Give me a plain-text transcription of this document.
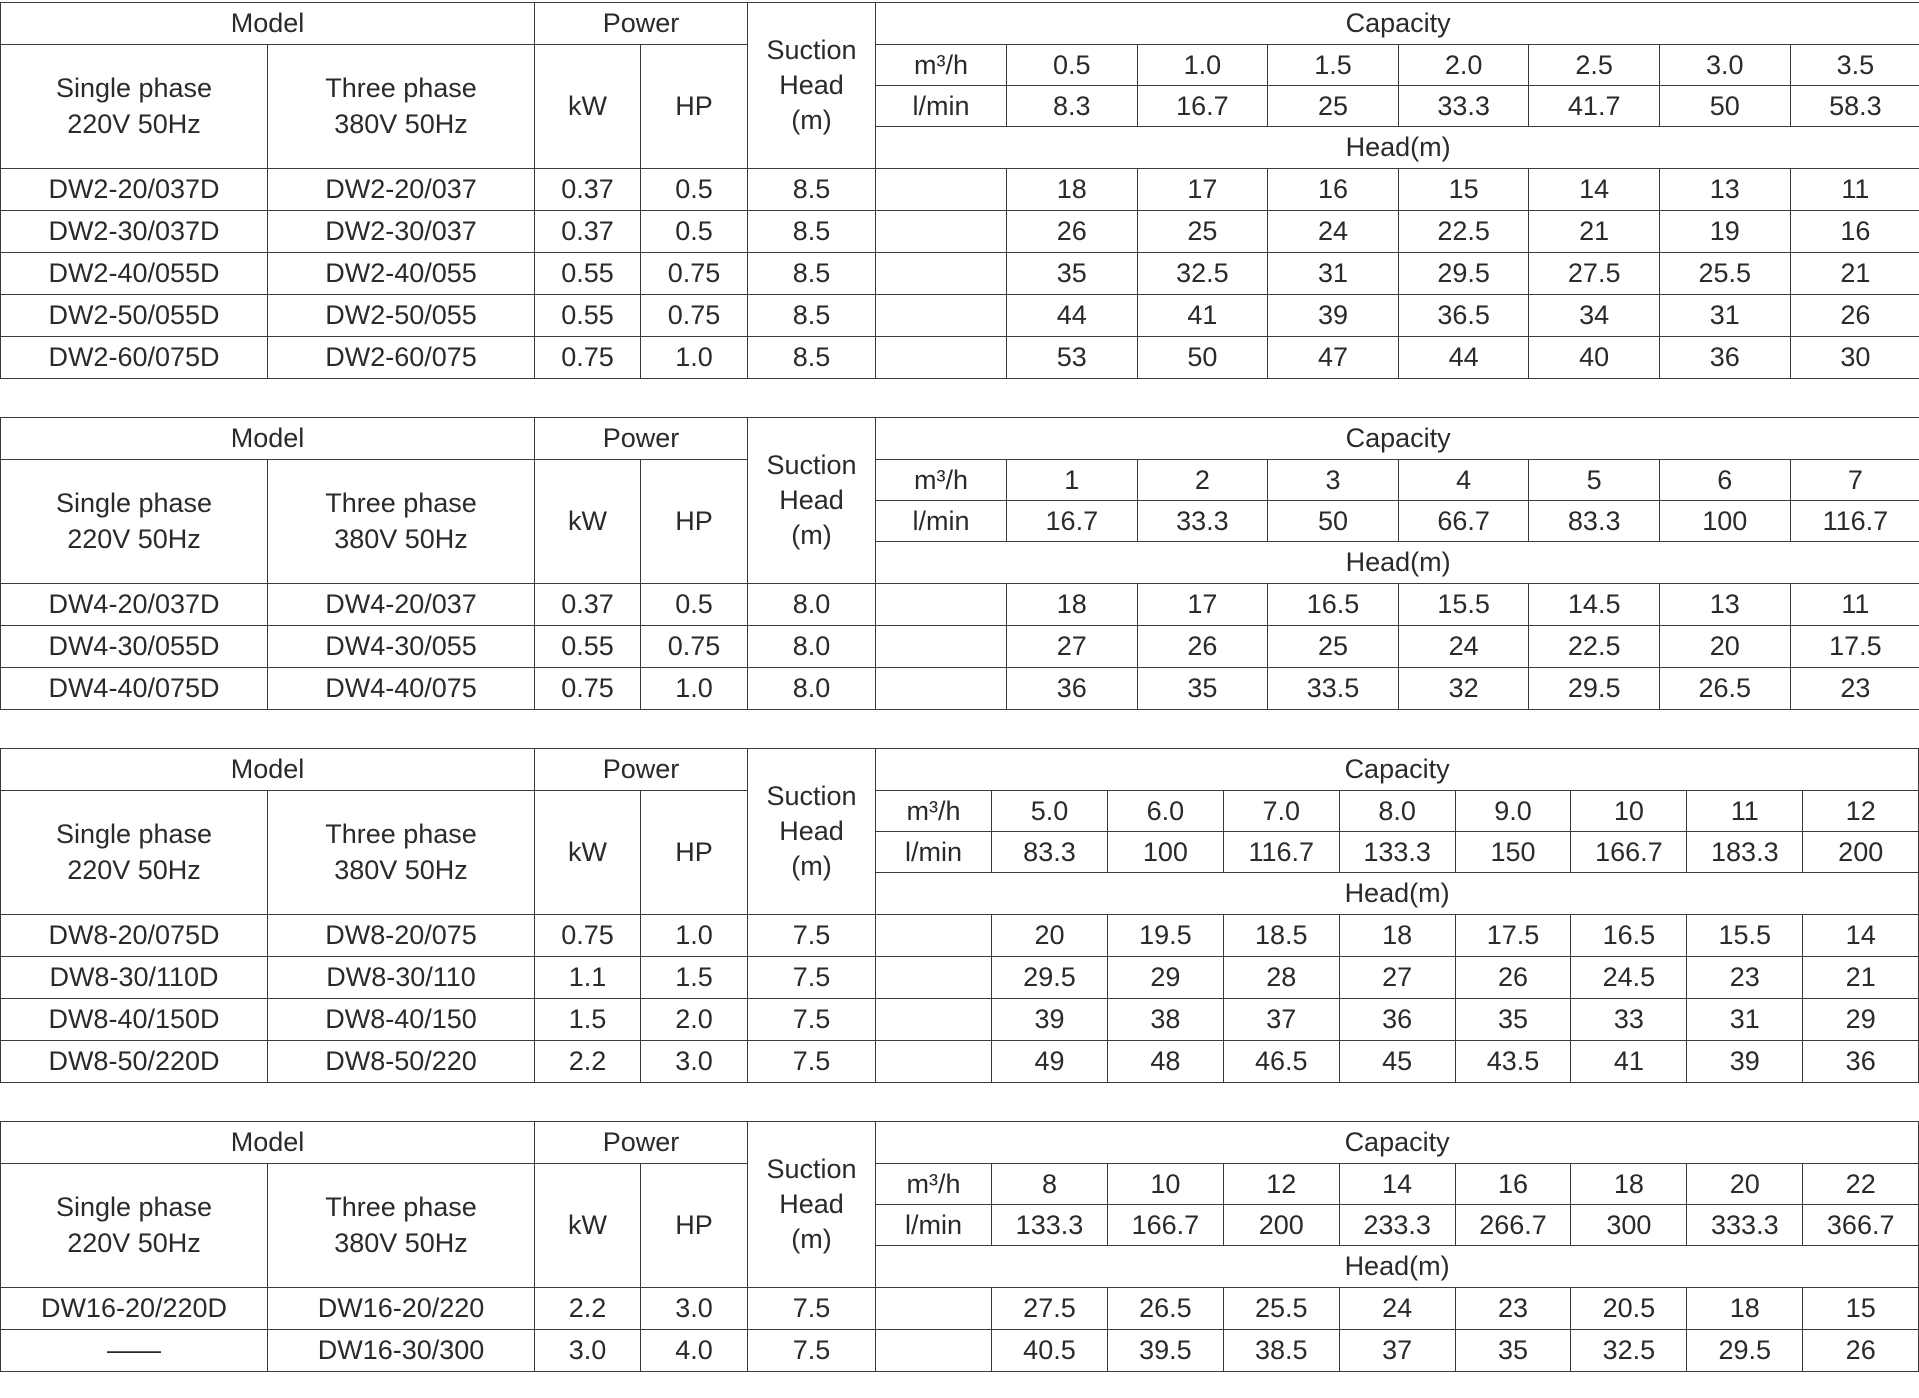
Model		Power		Suction
Head
(m)	Capacity							
Single phase
220V 50Hz	Three phase
380V 50Hz	kW	HP		m³/h	0.5	1.0	1.5	2.0	2.5	3.0	3.5
					l/min	8.3	16.7	25	33.3	41.7	50	58.3
					Head(m)							
DW2-20/037D	DW2-20/037	0.37	0.5	8.5		18	17	16	15	14	13	11
DW2-30/037D	DW2-30/037	0.37	0.5	8.5		26	25	24	22.5	21	19	16
DW2-40/055D	DW2-40/055	0.55	0.75	8.5		35	32.5	31	29.5	27.5	25.5	21
DW2-50/055D	DW2-50/055	0.55	0.75	8.5		44	41	39	36.5	34	31	26
DW2-60/075D	DW2-60/075	0.75	1.0	8.5		53	50	47	44	40	36	30
Model		Power		Suction
Head
(m)	Capacity							
Single phase
220V 50Hz	Three phase
380V 50Hz	kW	HP		m³/h	1	2	3	4	5	6	7
					l/min	16.7	33.3	50	66.7	83.3	100	116.7
					Head(m)							
DW4-20/037D	DW4-20/037	0.37	0.5	8.0		18	17	16.5	15.5	14.5	13	11
DW4-30/055D	DW4-30/055	0.55	0.75	8.0		27	26	25	24	22.5	20	17.5
DW4-40/075D	DW4-40/075	0.75	1.0	8.0		36	35	33.5	32	29.5	26.5	23
Model		Power		Suction
Head
(m)	Capacity								
Single phase
220V 50Hz	Three phase
380V 50Hz	kW	HP		m³/h	5.0	6.0	7.0	8.0	9.0	10	11	12
					l/min	83.3	100	116.7	133.3	150	166.7	183.3	200
					Head(m)								
DW8-20/075D	DW8-20/075	0.75	1.0	7.5		20	19.5	18.5	18	17.5	16.5	15.5	14
DW8-30/110D	DW8-30/110	1.1	1.5	7.5		29.5	29	28	27	26	24.5	23	21
DW8-40/150D	DW8-40/150	1.5	2.0	7.5		39	38	37	36	35	33	31	29
DW8-50/220D	DW8-50/220	2.2	3.0	7.5		49	48	46.5	45	43.5	41	39	36
Model		Power		Suction
Head
(m)	Capacity								
Single phase
220V 50Hz	Three phase
380V 50Hz	kW	HP		m³/h	8	10	12	14	16	18	20	22
					l/min	133.3	166.7	200	233.3	266.7	300	333.3	366.7
					Head(m)								
DW16-20/220D	DW16-20/220	2.2	3.0	7.5		27.5	26.5	25.5	24	23	20.5	18	15
——	DW16-30/300	3.0	4.0	7.5		40.5	39.5	38.5	37	35	32.5	29.5	26
